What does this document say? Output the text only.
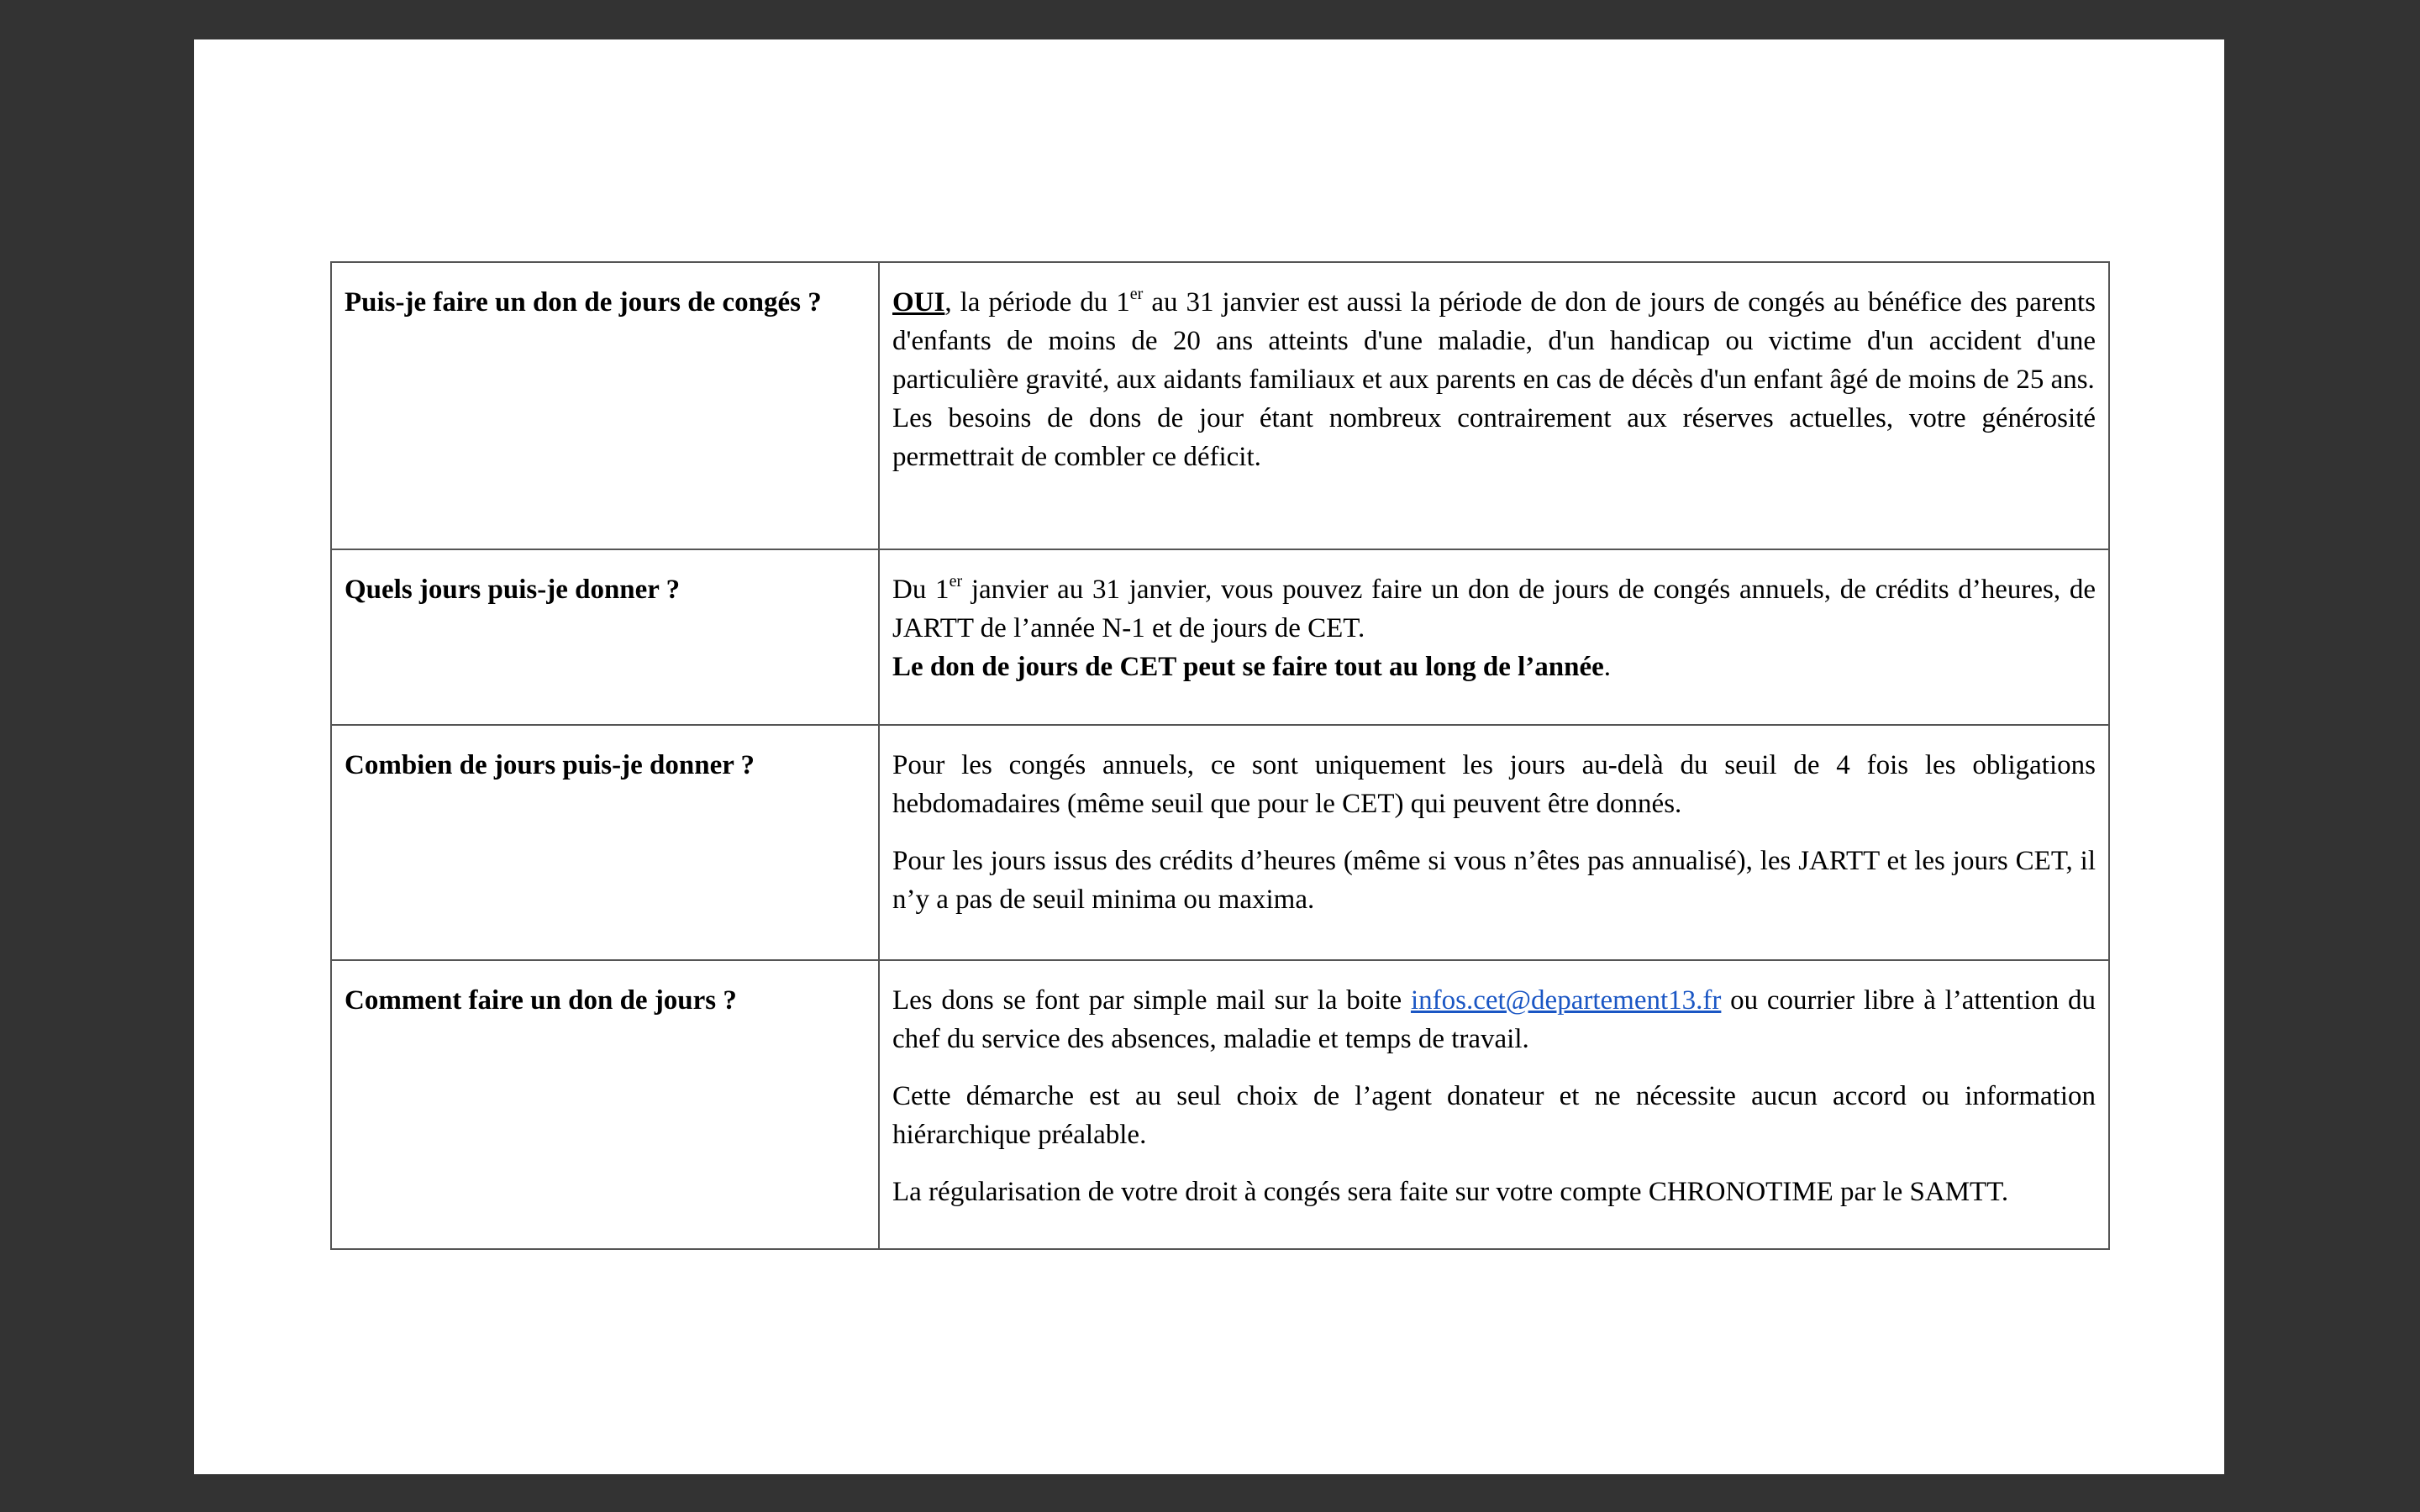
Puis-je faire un don de jours de congés ?	OUI, la période du 1er au 31 janvier est aussi la période de don de jours de congés au bénéfice des parents d'enfants de moins de 20 ans atteints d'une maladie, d'un handicap ou victime d'un accident d'une particulière gravité, aux aidants familiaux et aux parents en cas de décès d'un enfant âgé de moins de 25 ans.

Les besoins de dons de jour étant nombreux contrairement aux réserves actuelles, votre générosité permettrait de combler ce déficit.

Quels jours puis-je donner ?	Du 1er janvier au 31 janvier, vous pouvez faire un don de jours de congés annuels, de crédits d’heures, de JARTT de l’année N-1 et de jours de CET.

Le don de jours de CET peut se faire tout au long de l’année.

Combien de jours puis-je donner ?	Pour les congés annuels, ce sont uniquement les jours au-delà du seuil de 4 fois les obligations hebdomadaires (même seuil que pour le CET) qui peuvent être donnés.

Pour les jours issus des crédits d’heures (même si vous n’êtes pas annualisé), les JARTT et les jours CET, il n’y a pas de seuil minima ou maxima.

Comment faire un don de jours ?	Les dons se font par simple mail sur la boite infos.cet@departement13.fr ou courrier libre à l’attention du chef du service des absences, maladie et temps de travail.

Cette démarche est au seul choix de l’agent donateur et ne nécessite aucun accord ou information hiérarchique préalable.

La régularisation de votre droit à congés sera faite sur votre compte CHRONOTIME par le SAMTT.
